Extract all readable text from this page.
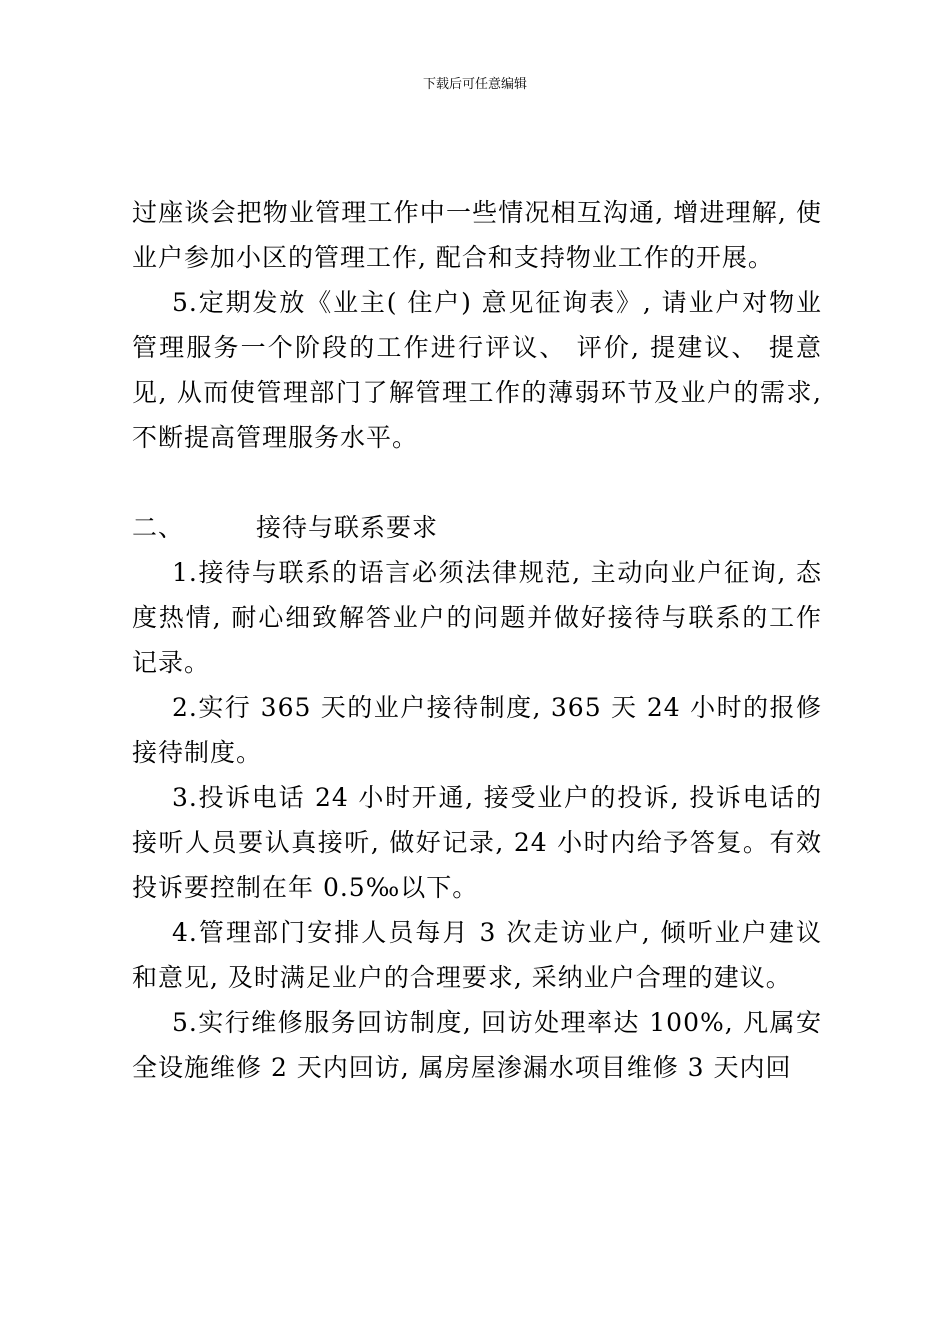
下载后可任意编辑

过座谈会把物业管理工作中一些情况相互沟通, 增进理解, 使业户参加小区的管理工作, 配合和支持物业工作的开展。

5.定期发放《业主( 住户) 意见征询表》, 请业户对物业管理服务一个阶段的工作进行评议、 评价, 提建议、 提意见, 从而使管理部门了解管理工作的薄弱环节及业户的需求, 不断提高管理服务水平。

二、	接待与联系要求

1.接待与联系的语言必须法律规范, 主动向业户征询, 态度热情, 耐心细致解答业户的问题并做好接待与联系的工作记录。

2.实行 365 天的业户接待制度, 365 天 24 小时的报修接待制度。

3.投诉电话 24 小时开通, 接受业户的投诉, 投诉电话的接听人员要认真接听, 做好记录, 24 小时内给予答复。有效投诉要控制在年 0.5‰以下。

4.管理部门安排人员每月 3 次走访业户, 倾听业户建议和意见, 及时满足业户的合理要求, 采纳业户合理的建议。

5.实行维修服务回访制度, 回访处理率达 100%, 凡属安全设施维修 2 天内回访, 属房屋渗漏水项目维修 3 天内回
